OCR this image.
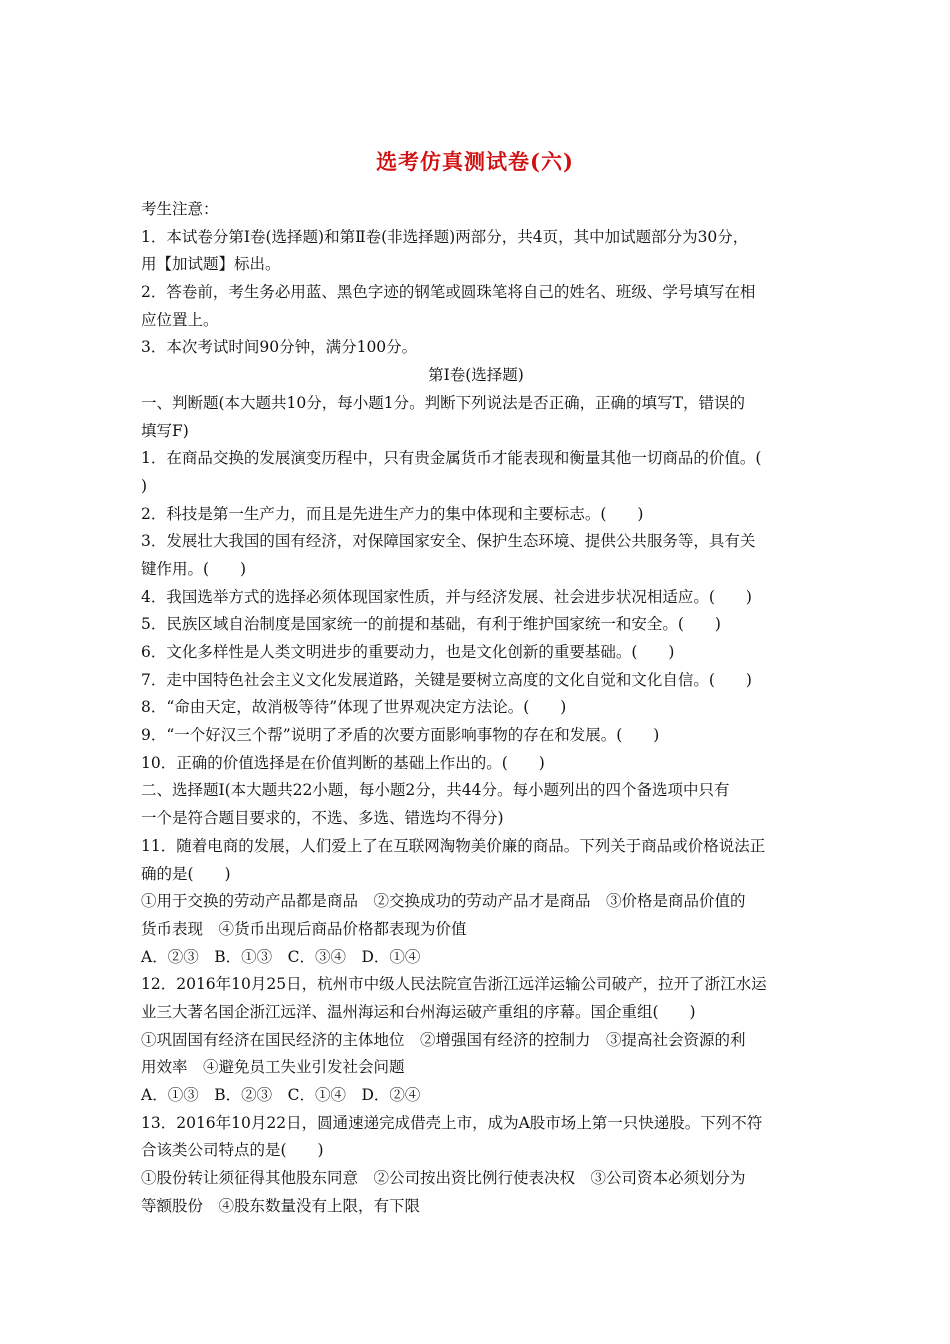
选考仿真测试卷(六)
考生注意：
1．本试卷分第Ⅰ卷(选择题)和第Ⅱ卷(非选择题)两部分，共4页，其中加试题部分为30分，
用【加试题】标出。
2．答卷前，考生务必用蓝、黑色字迹的钢笔或圆珠笔将自己的姓名、班级、学号填写在相
应位置上。
3．本次考试时间90分钟，满分100分。
第Ⅰ卷(选择题)
一、判断题(本大题共10分，每小题1分。判断下列说法是否正确，正确的填写T，错误的
填写F)
1．在商品交换的发展演变历程中，只有贵金属货币才能表现和衡量其他一切商品的价值。(
)
2．科技是第一生产力，而且是先进生产力的集中体现和主要标志。(　　)
3．发展壮大我国的国有经济，对保障国家安全、保护生态环境、提供公共服务等，具有关
键作用。(　　)
4．我国选举方式的选择必须体现国家性质，并与经济发展、社会进步状况相适应。(　　)
5．民族区域自治制度是国家统一的前提和基础，有利于维护国家统一和安全。(　　)
6．文化多样性是人类文明进步的重要动力，也是文化创新的重要基础。(　　)
7．走中国特色社会主义文化发展道路，关键是要树立高度的文化自觉和文化自信。(　　)
8．“命由天定，故消极等待”体现了世界观决定方法论。(　　)
9．“一个好汉三个帮”说明了矛盾的次要方面影响事物的存在和发展。(　　)
10．正确的价值选择是在价值判断的基础上作出的。(　　)
二、选择题Ⅰ(本大题共22小题，每小题2分，共44分。每小题列出的四个备选项中只有
一个是符合题目要求的，不选、多选、错选均不得分)
11．随着电商的发展，人们爱上了在互联网淘物美价廉的商品。下列关于商品或价格说法正
确的是(　　)
①用于交换的劳动产品都是商品　②交换成功的劳动产品才是商品　③价格是商品价值的
货币表现　④货币出现后商品价格都表现为价值
A．②③　B．①③　C．③④　D．①④
12．2016年10月25日，杭州市中级人民法院宣告浙江远洋运输公司破产，拉开了浙江水运
业三大著名国企浙江远洋、温州海运和台州海运破产重组的序幕。国企重组(　　)
①巩固国有经济在国民经济的主体地位　②增强国有经济的控制力　③提高社会资源的利
用效率　④避免员工失业引发社会问题
A．①③　B．②③　C．①④　D．②④
13．2016年10月22日，圆通速递完成借壳上市，成为A股市场上第一只快递股。下列不符
合该类公司特点的是(　　)
①股份转让须征得其他股东同意　②公司按出资比例行使表决权　③公司资本必须划分为
等额股份　④股东数量没有上限，有下限
